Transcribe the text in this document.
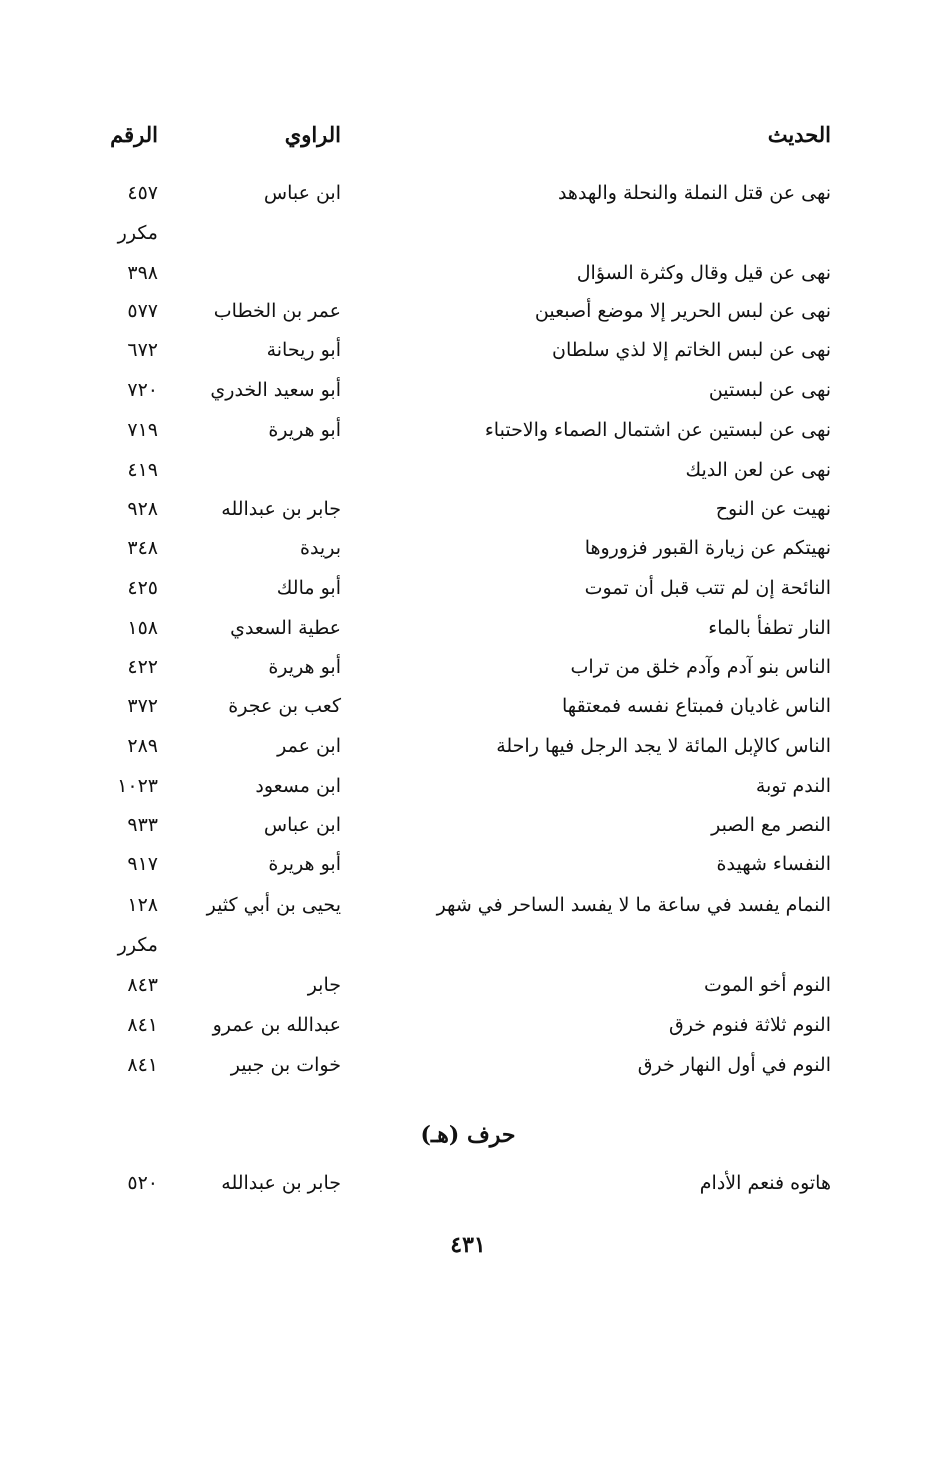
الحديث
الراوي
الرقم
نهى عن قتل النملة والنحلة والهدهد
ابن عباس
٤٥٧
مكرر
نهى عن قيل وقال وكثرة السؤال
٣٩٨
نهى عن لبس الحرير إلا موضع أصبعين
عمر بن الخطاب
٥٧٧
نهى عن لبس الخاتم إلا لذي سلطان
أبو ريحانة
٦٧٢
نهى عن لبستين
أبو سعيد الخدري
٧٢٠
نهى عن لبستين عن اشتمال الصماء والاحتباء
أبو هريرة
٧١٩
نهى عن لعن الديك
٤١٩
نهيت عن النوح
جابر بن عبدالله
٩٢٨
نهيتكم عن زيارة القبور فزوروها
بريدة
٣٤٨
النائحة إن لم تتب قبل أن تموت
أبو مالك
٤٢٥
النار تطفأ بالماء
عطية السعدي
١٥٨
الناس بنو آدم وآدم خلق من تراب
أبو هريرة
٤٢٢
الناس غاديان فمبتاع نفسه فمعتقها
كعب بن عجرة
٣٧٢
الناس كالإبل المائة لا يجد الرجل فيها راحلة
ابن عمر
٢٨٩
الندم توبة
ابن مسعود
١٠٢٣
النصر مع الصبر
ابن عباس
٩٣٣
النفساء شهيدة
أبو هريرة
٩١٧
النمام يفسد في ساعة ما لا يفسد الساحر في شهر
يحيى بن أبي كثير
١٢٨
مكرر
النوم أخو الموت
جابر
٨٤٣
النوم ثلاثة فنوم خرق
عبدالله بن عمرو
٨٤١
النوم في أول النهار خرق
خوات بن جبير
٨٤١
حرف (هـ)
هاتوه فنعم الأدام
جابر بن عبدالله
٥٢٠
٤٣١
